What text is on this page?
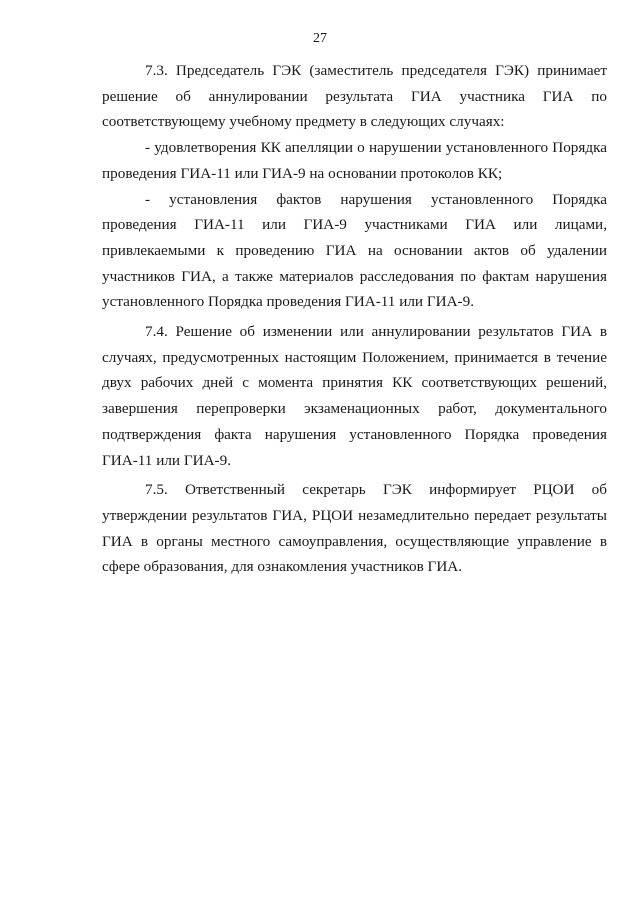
27

7.3. Председатель ГЭК (заместитель председателя ГЭК) принимает решение об аннулировании результата ГИА участника ГИА по соответствующему учебному предмету в следующих случаях:

- удовлетворения КК апелляции о нарушении установленного Порядка проведения ГИА-11 или ГИА-9 на основании протоколов КК;

- установления фактов нарушения установленного Порядка проведения ГИА-11 или ГИА-9 участниками ГИА или лицами, привлекаемыми к проведению ГИА на основании актов об удалении участников ГИА, а также материалов расследования по фактам нарушения установленного Порядка проведения ГИА-11 или ГИА-9.

7.4. Решение об изменении или аннулировании результатов ГИА в случаях, предусмотренных настоящим Положением, принимается в течение двух рабочих дней с момента принятия КК соответствующих решений, завершения перепроверки экзаменационных работ, документального подтверждения факта нарушения установленного Порядка проведения ГИА-11 или ГИА-9.

7.5. Ответственный секретарь ГЭК информирует РЦОИ об утверждении результатов ГИА, РЦОИ незамедлительно передает результаты ГИА в органы местного самоуправления, осуществляющие управление в сфере образования, для ознакомления участников ГИА.
